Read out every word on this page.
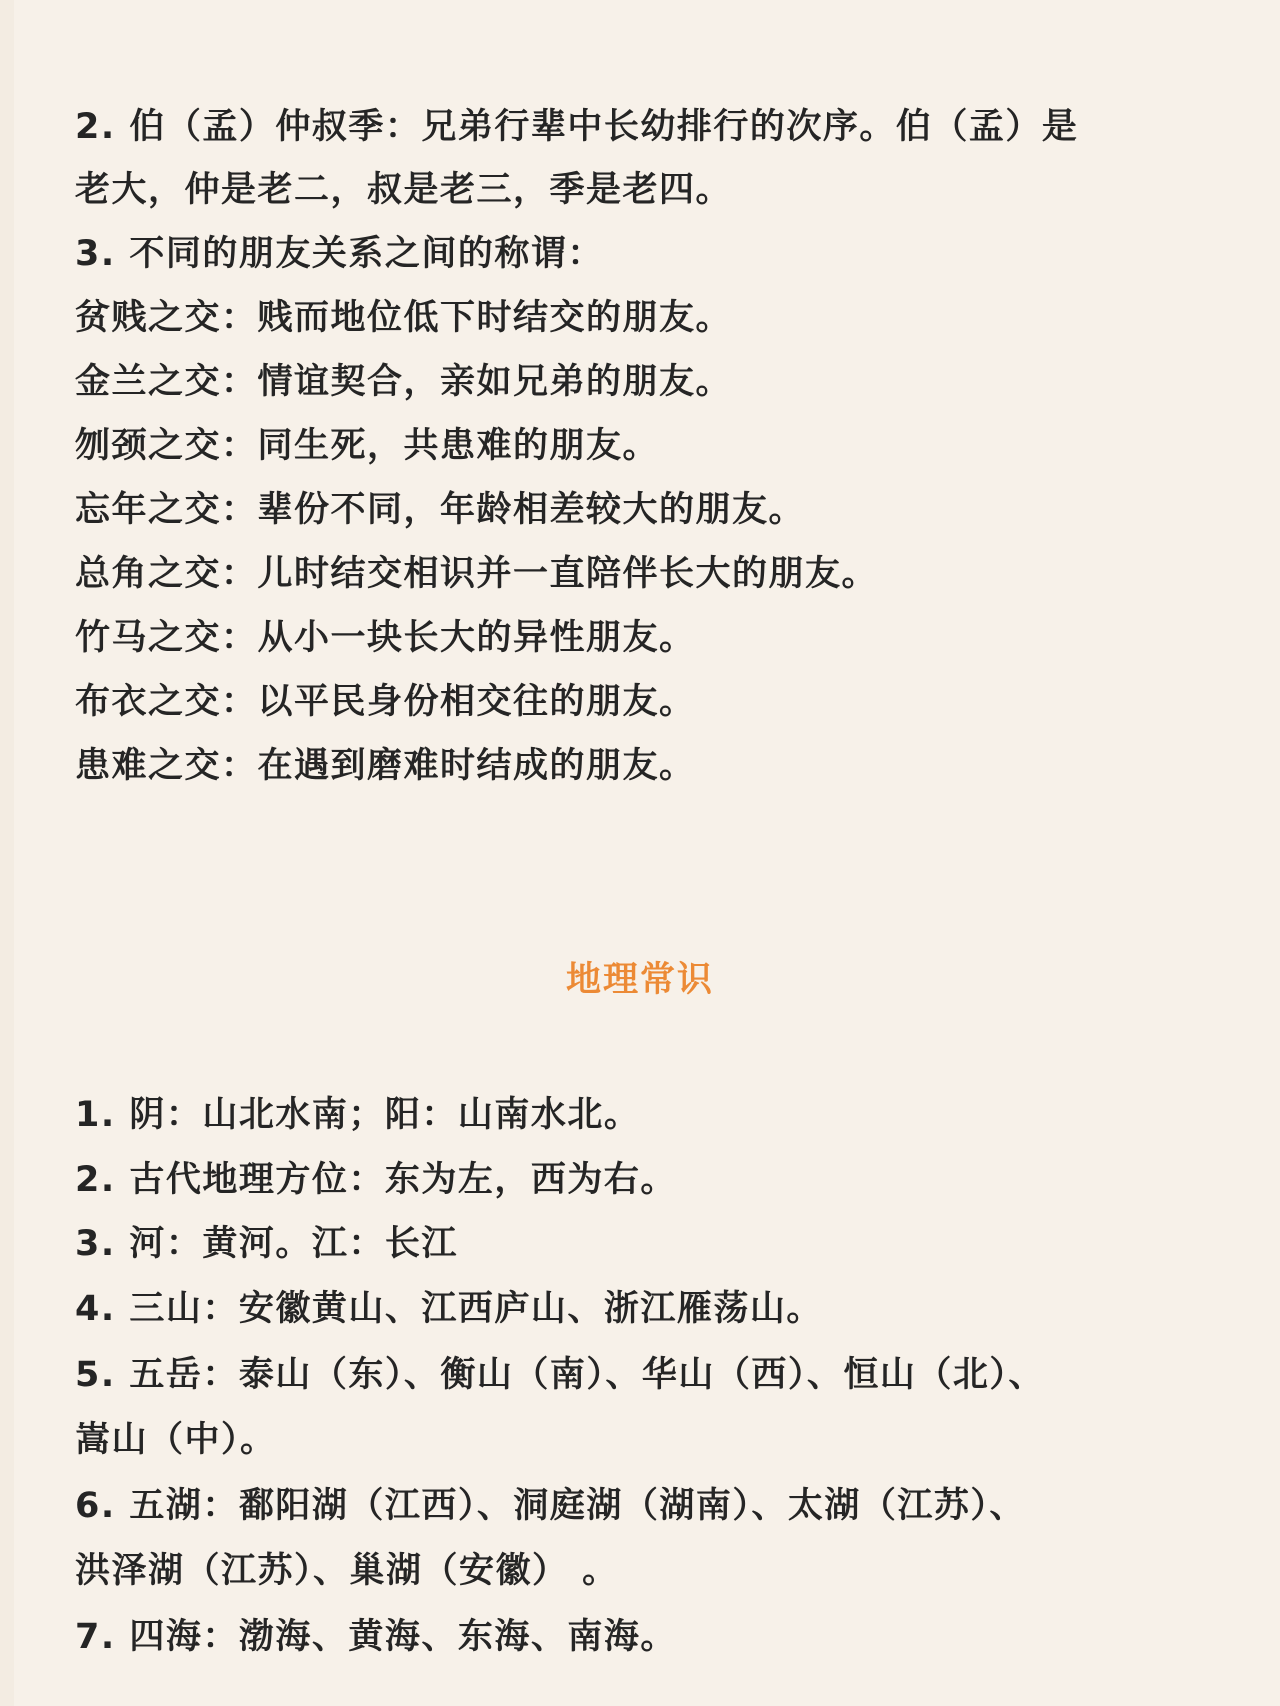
2. 伯（孟）仲叔季：兄弟行辈中长幼排行的次序。伯（孟）是
老大，仲是老二，叔是老三，季是老四。
3. 不同的朋友关系之间的称谓：
贫贱之交：贱而地位低下时结交的朋友。
金兰之交：情谊契合，亲如兄弟的朋友。
刎颈之交：同生死，共患难的朋友。
忘年之交：辈份不同，年龄相差较大的朋友。
总角之交：儿时结交相识并一直陪伴长大的朋友。
竹马之交：从小一块长大的异性朋友。
布衣之交：以平民身份相交往的朋友。
患难之交：在遇到磨难时结成的朋友。
地理常识
1. 阴：山北水南；阳：山南水北。
2. 古代地理方位：东为左，西为右。
3. 河：黄河。江：长江
4. 三山：安徽黄山、江西庐山、浙江雁荡山。
5. 五岳：泰山（东）、衡山（南）、华山（西）、恒山（北）、
嵩山（中）。
6. 五湖：鄱阳湖（江西）、洞庭湖（湖南）、太湖（江苏）、
洪泽湖（江苏）、巢湖（安徽） 。
7. 四海：渤海、黄海、东海、南海。
